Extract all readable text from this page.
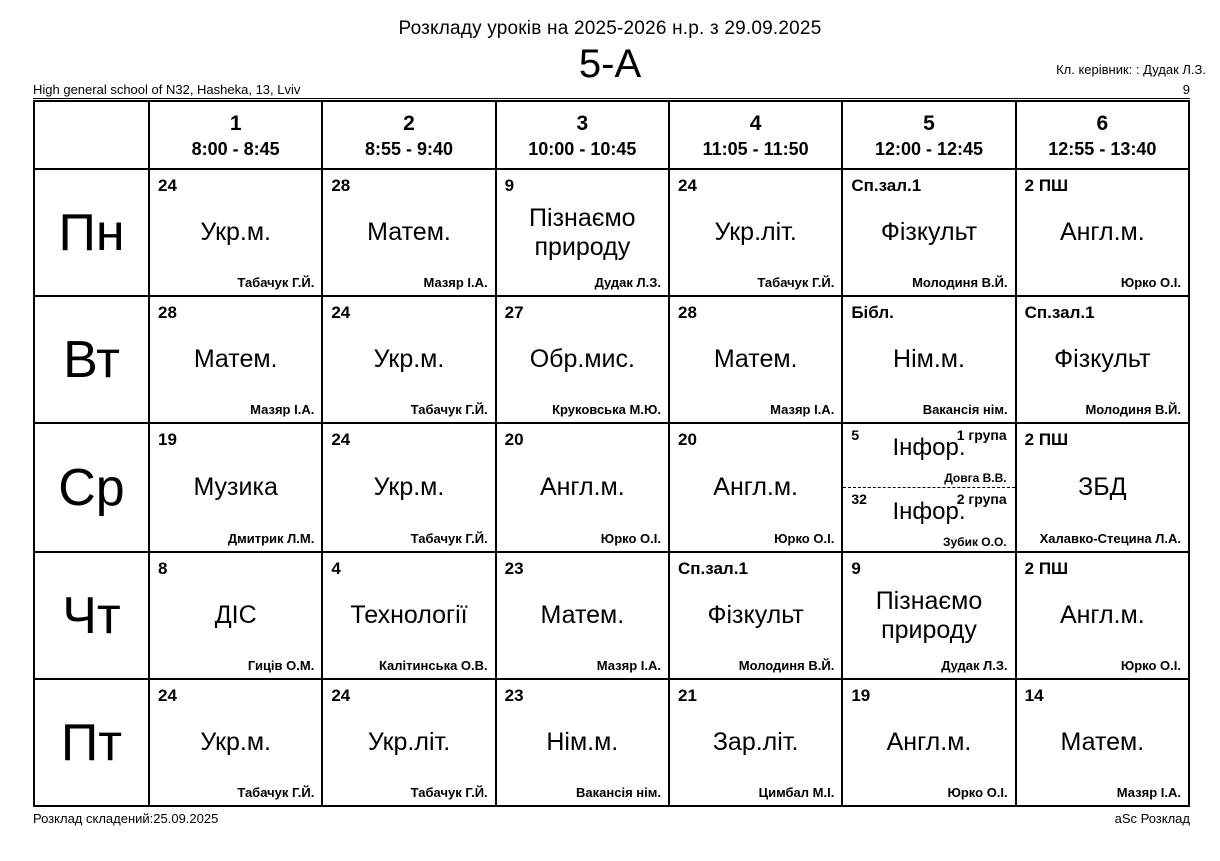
Розкладу уроків на 2025-2026 н.р. з 29.09.2025
5-А	Кл. керівник: : Дудак Л.З.
High general school of N32, Hasheka, 13, Lviv	9

1
8:00 - 8:45

2
8:55 - 9:40

3
10:00 - 10:45

4
11:05 - 11:50

5
12:00 - 12:45

6
12:55 - 13:40

Пн	
24
Укр.м.
Табачук Г.Й.

28
Матем.
Мазяр І.А.

9
Пізнаємо природу
Дудак Л.З.

24
Укр.літ.
Табачук Г.Й.

Сп.зал.1
Фізкульт
Молодиня В.Й.

2 ПШ
Англ.м.
Юрко О.І.

Вт	
28
Матем.
Мазяр І.А.

24
Укр.м.
Табачук Г.Й.

27
Обр.мис.
Круковська М.Ю.

28
Матем.
Мазяр І.А.

Бібл.
Нім.м.
Вакансія нім.

Сп.зал.1
Фізкульт
Молодиня В.Й.

Ср	
19
Музика
Дмитрик Л.М.

24
Укр.м.
Табачук Г.Й.

20
Англ.м.
Юрко О.І.

20
Англ.м.
Юрко О.І.

5	1 група
Інфор.
Довга В.В.
32	2 група
Інфор.
Зубик О.О.

2 ПШ
ЗБД
Халавко-Стецина Л.А.

Чт	
8
ДІС
Гиців О.М.

4
Технології
Калітинська О.В.

23
Матем.
Мазяр І.А.

Сп.зал.1
Фізкульт
Молодиня В.Й.

9
Пізнаємо природу
Дудак Л.З.

2 ПШ
Англ.м.
Юрко О.І.

Пт	
24
Укр.м.
Табачук Г.Й.

24
Укр.літ.
Табачук Г.Й.

23
Нім.м.
Вакансія нім.

21
Зар.літ.
Цимбал М.І.

19
Англ.м.
Юрко О.І.

14
Матем.
Мазяр І.А.
Розклад складений:25.09.2025	aSc Розклад
